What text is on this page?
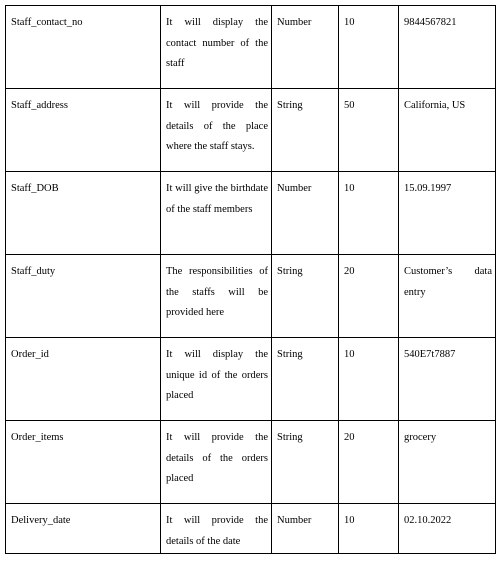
Staff_contact_no	It will display the contact number of the staff	Number	10	9844567821

Staff_address	It will provide the details of the place where the staff stays.	String	50	California, US

Staff_DOB	It will give the birthdate of the staff members	Number	10	15.09.1997

Staff_duty	The responsibilities of the staffs will be provided here	String	20	Customer’s data entry

Order_id	It will display the unique id of the orders placed	String	10	540E7t7887

Order_items	It will provide the details of the orders placed	String	20	grocery

Delivery_date	It will provide the details of the date	Number	10	02.10.2022
